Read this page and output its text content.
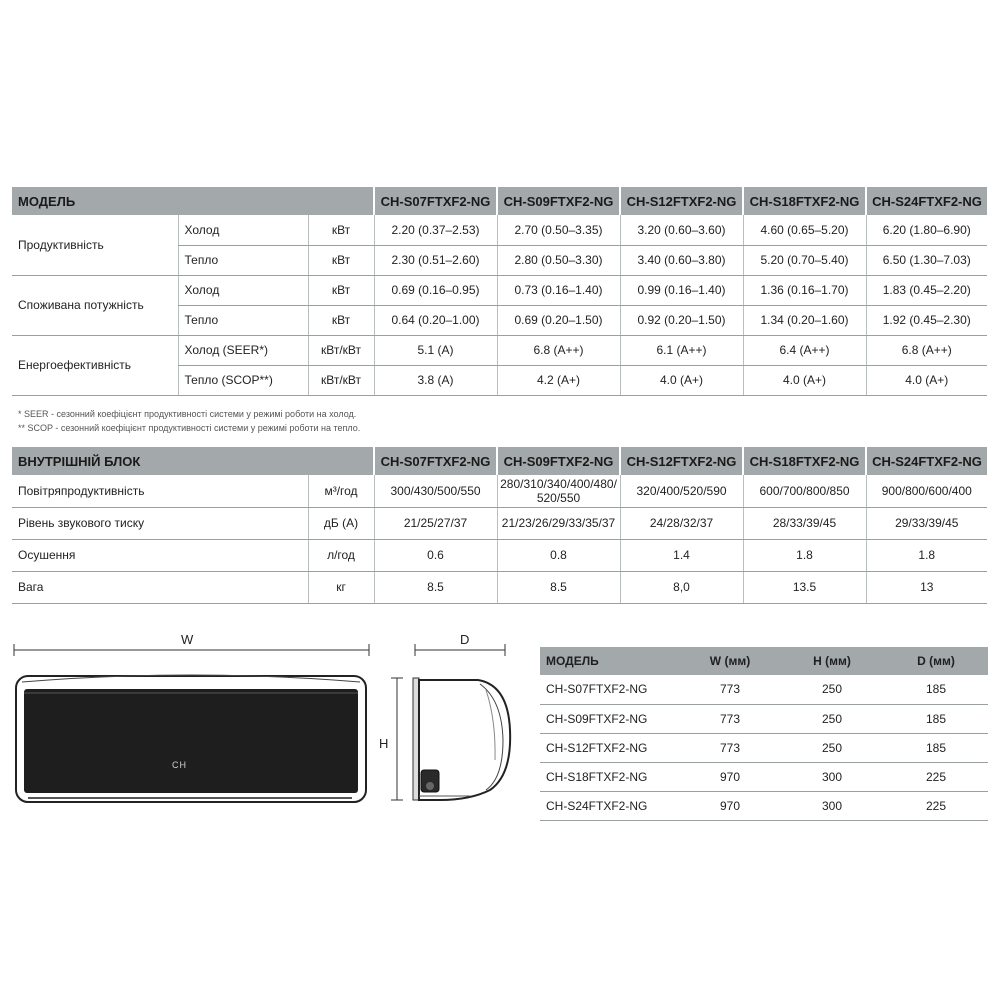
МОДЕЛЬ			CH-S07FTXF2-NG	CH-S09FTXF2-NG	CH-S12FTXF2-NG	CH-S18FTXF2-NG	CH-S24FTXF2-NG
Продуктивність	Холод	кВт	2.20 (0.37–2.53)	2.70 (0.50–3.35)	3.20 (0.60–3.60)	4.60 (0.65–5.20)	6.20 (1.80–6.90)
	Тепло	кВт	2.30 (0.51–2.60)	2.80 (0.50–3.30)	3.40 (0.60–3.80)	5.20 (0.70–5.40)	6.50 (1.30–7.03)
Споживана потужність	Холод	кВт	0.69 (0.16–0.95)	0.73 (0.16–1.40)	0.99 (0.16–1.40)	1.36 (0.16–1.70)	1.83 (0.45–2.20)
	Тепло	кВт	0.64 (0.20–1.00)	0.69 (0.20–1.50)	0.92 (0.20–1.50)	1.34 (0.20–1.60)	1.92 (0.45–2.30)
Енергоефективність	Холод (SEER*)	кВт/кВт	5.1 (A)	6.8 (A++)	6.1 (A++)	6.4 (A++)	6.8 (A++)
	Тепло (SCOP**)	кВт/кВт	3.8 (A)	4.2 (A+)	4.0 (A+)	4.0 (A+)	4.0 (A+)
* SEER - сезонний коефіцієнт продуктивності системи у режимі роботи на холод.
** SCOP - сезонний коефіцієнт продуктивності системи у режимі роботи на тепло.
ВНУТРІШНІЙ БЛОК		CH-S07FTXF2-NG	CH-S09FTXF2-NG	CH-S12FTXF2-NG	CH-S18FTXF2-NG	CH-S24FTXF2-NG
Повітряпродуктивність	м³/год	300/430/500/550	280/310/340/400/480/ 520/550	320/400/520/590	600/700/800/850	900/800/600/400
Рівень звукового тиску	дБ (А)	21/25/27/37	21/23/26/29/33/35/37	24/28/32/37	28/33/39/45	29/33/39/45
Осушення	л/год	0.6	0.8	1.4	1.8	1.8
Вага	кг	8.5	8.5	8,0	13.5	13
W
CH
D
H
МОДЕЛЬ	W (мм)	H (мм)	D (мм)
CH-S07FTXF2-NG	773	250	185
CH-S09FTXF2-NG	773	250	185
CH-S12FTXF2-NG	773	250	185
CH-S18FTXF2-NG	970	300	225
CH-S24FTXF2-NG	970	300	225
